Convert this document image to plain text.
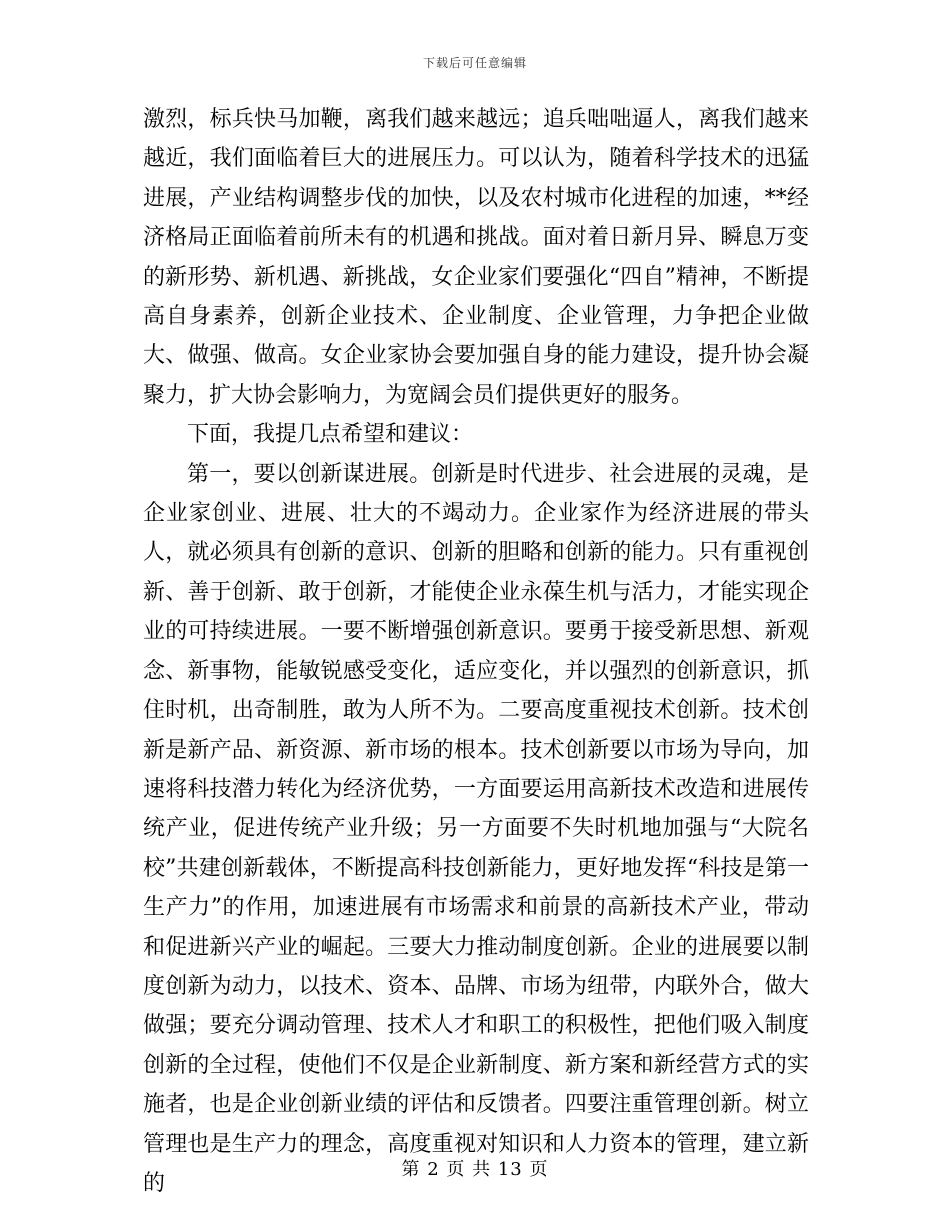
下载后可任意编辑

激烈，标兵快马加鞭，离我们越来越远；追兵咄咄逼人，离我们越来越近，我们面临着巨大的进展压力。可以认为，随着科学技术的迅猛进展，产业结构调整步伐的加快，以及农村城市化进程的加速，**经济格局正面临着前所未有的机遇和挑战。面对着日新月异、瞬息万变的新形势、新机遇、新挑战，女企业家们要强化“四自”精神，不断提高自身素养，创新企业技术、企业制度、企业管理，力争把企业做大、做强、做高。女企业家协会要加强自身的能力建设，提升协会凝聚力，扩大协会影响力，为宽阔会员们提供更好的服务。

下面，我提几点希望和建议：

第一，要以创新谋进展。创新是时代进步、社会进展的灵魂，是企业家创业、进展、壮大的不竭动力。企业家作为经济进展的带头人，就必须具有创新的意识、创新的胆略和创新的能力。只有重视创新、善于创新、敢于创新，才能使企业永葆生机与活力，才能实现企业的可持续进展。一要不断增强创新意识。要勇于接受新思想、新观念、新事物，能敏锐感受变化，适应变化，并以强烈的创新意识，抓住时机，出奇制胜，敢为人所不为。二要高度重视技术创新。技术创新是新产品、新资源、新市场的根本。技术创新要以市场为导向，加速将科技潜力转化为经济优势，一方面要运用高新技术改造和进展传统产业，促进传统产业升级；另一方面要不失时机地加强与“大院名校”共建创新载体，不断提高科技创新能力，更好地发挥“科技是第一生产力”的作用，加速进展有市场需求和前景的高新技术产业，带动和促进新兴产业的崛起。三要大力推动制度创新。企业的进展要以制度创新为动力，以技术、资本、品牌、市场为纽带，内联外合，做大做强；要充分调动管理、技术人才和职工的积极性，把他们吸入制度创新的全过程，使他们不仅是企业新制度、新方案和新经营方式的实施者，也是企业创新业绩的评估和反馈者。四要注重管理创新。树立管理也是生产力的理念，高度重视对知识和人力资本的管理，建立新的

第 2 页 共 13 页
